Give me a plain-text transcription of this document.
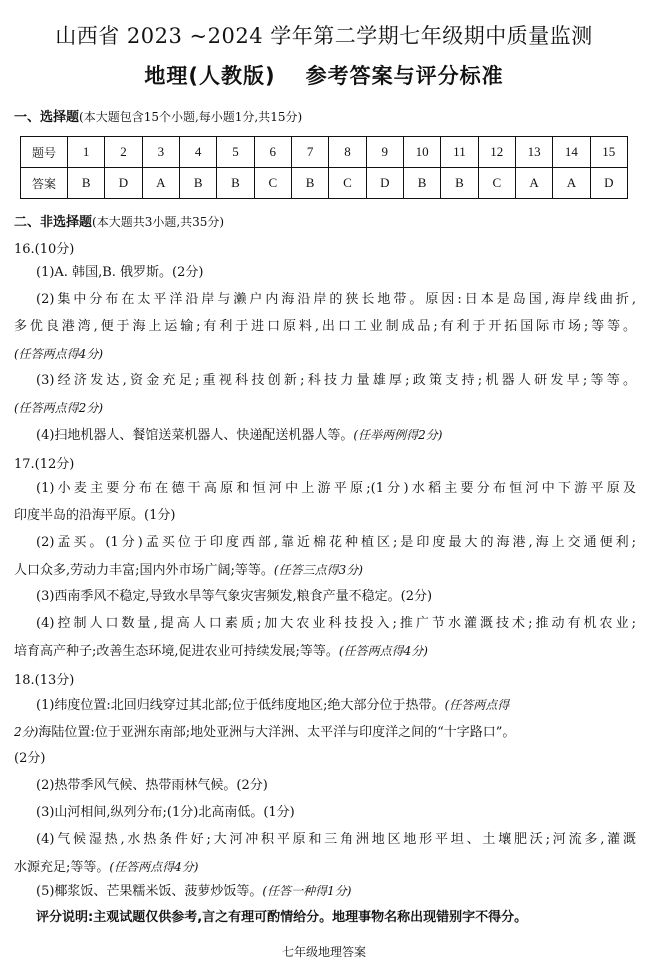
山西省 2023 ~2024 学年第二学期七年级期中质量监测
地理(人教版) 参考答案与评分标准
一、选择题(本大题包含15个小题,每小题1分,共15分)
题号	1	2	3	4	5	6	7	8	9	10	11	12	13	14	15
答案	B	D	A	B	B	C	B	C	D	B	B	C	A	A	D
二、非选择题(本大题共3小题,共35分)
16.(10分)
(1)A. 韩国,B. 俄罗斯。(2分)
(2)集中分布在太平洋沿岸与濑户内海沿岸的狭长地带。原因:日本是岛国,海岸线曲折,
多优良港湾,便于海上运输;有利于进口原料,出口工业制成品;有利于开拓国际市场;等等。
(任答两点得4分)
(3)经济发达,资金充足;重视科技创新;科技力量雄厚;政策支持;机器人研发早;等等。
(任答两点得2分)
(4)扫地机器人、餐馆送菜机器人、快递配送机器人等。(任举两例得2分)
17.(12分)
(1)小麦主要分布在德干高原和恒河中上游平原;(1分)水稻主要分布恒河中下游平原及
印度半岛的沿海平原。(1分)
(2)孟买。(1分)孟买位于印度西部,靠近棉花种植区;是印度最大的海港,海上交通便利;
人口众多,劳动力丰富;国内外市场广阔;等等。(任答三点得3分)
(3)西南季风不稳定,导致水旱等气象灾害频发,粮食产量不稳定。(2分)
(4)控制人口数量,提高人口素质;加大农业科技投入;推广节水灌溉技术;推动有机农业;
培育高产种子;改善生态环境,促进农业可持续发展;等等。(任答两点得4分)
18.(13分)
(1)纬度位置:北回归线穿过其北部;位于低纬度地区;绝大部分位于热带。(任答两点得
2分)海陆位置:位于亚洲东南部;地处亚洲与大洋洲、太平洋与印度洋之间的“十字路口”。
(2分)
(2)热带季风气候、热带雨林气候。(2分)
(3)山河相间,纵列分布;(1分)北高南低。(1分)
(4)气候湿热,水热条件好;大河冲积平原和三角洲地区地形平坦、土壤肥沃;河流多,灌溉
水源充足;等等。(任答两点得4分)
(5)椰浆饭、芒果糯米饭、菠萝炒饭等。(任答一种得1分)
评分说明:主观试题仅供参考,言之有理可酌情给分。地理事物名称出现错别字不得分。
七年级地理答案
